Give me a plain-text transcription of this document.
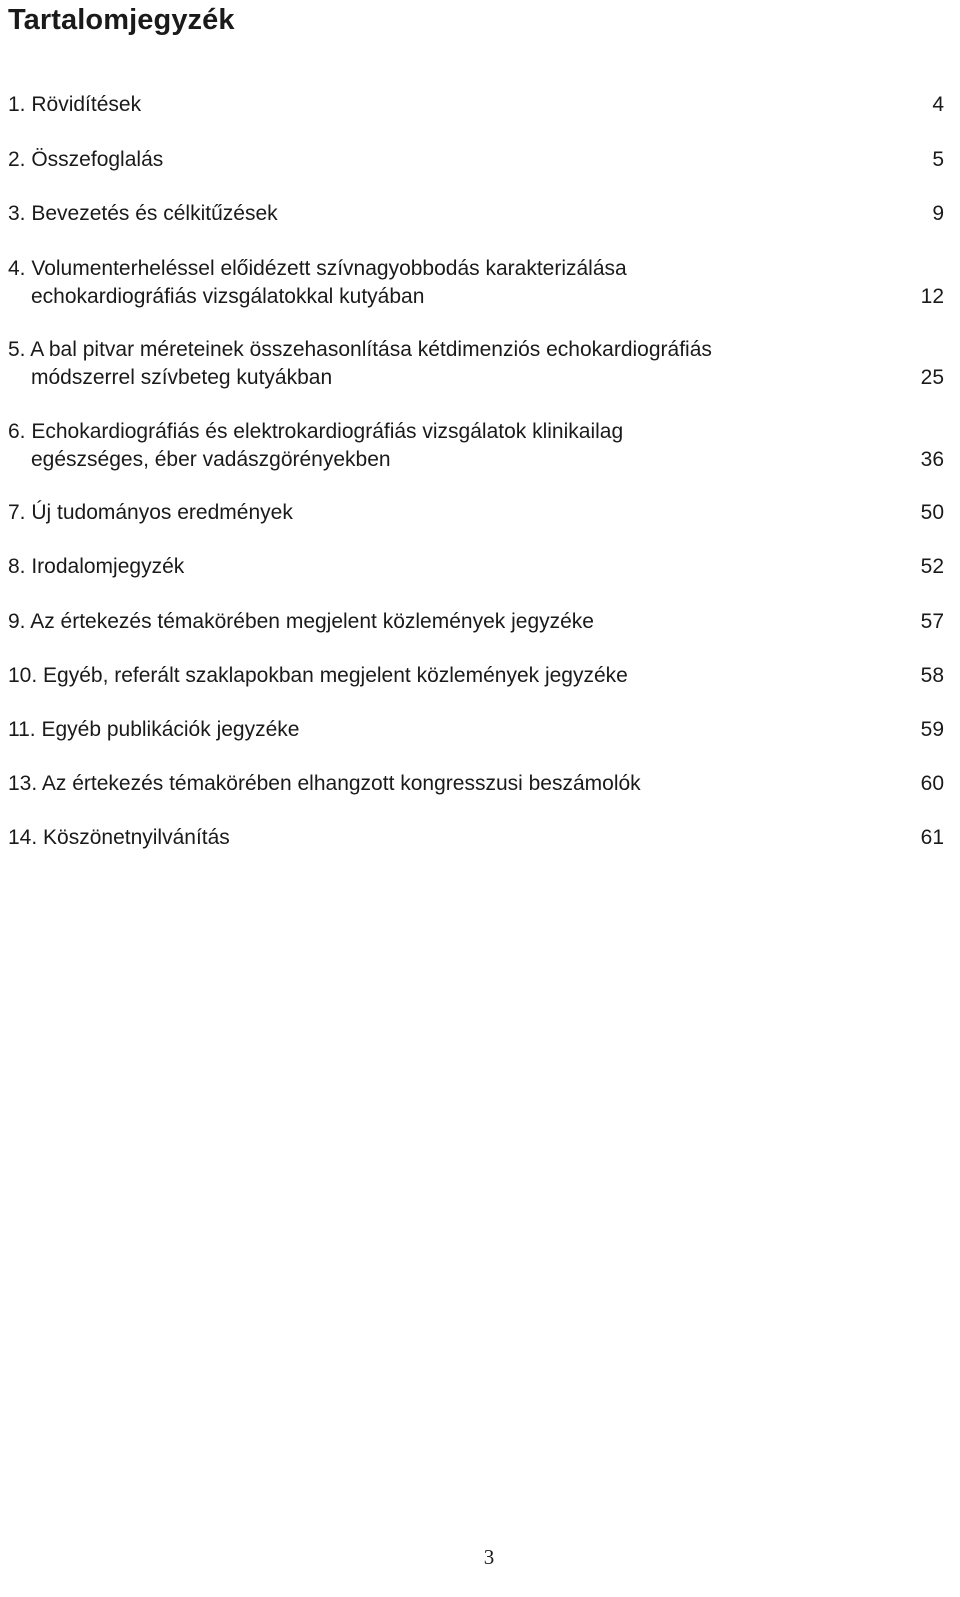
Tartalomjegyzék
1. Rövidítések	4
2. Összefoglalás	5
3. Bevezetés és célkitűzések	9
4. Volumenterheléssel előidézett szívnagyobbodás karakterizálása
echokardiográfiás vizsgálatokkal kutyában	12
5. A bal pitvar méreteinek összehasonlítása kétdimenziós echokardiográfiás
módszerrel szívbeteg kutyákban	25
6. Echokardiográfiás és elektrokardiográfiás vizsgálatok klinikailag
egészséges, éber vadászgörényekben	36
7. Új tudományos eredmények	50
8. Irodalomjegyzék	52
9. Az értekezés témakörében megjelent közlemények jegyzéke	57
10. Egyéb, referált szaklapokban megjelent közlemények jegyzéke	58
11. Egyéb publikációk jegyzéke	59
13. Az értekezés témakörében elhangzott kongresszusi beszámolók	60
14. Köszönetnyilvánítás	61
3
